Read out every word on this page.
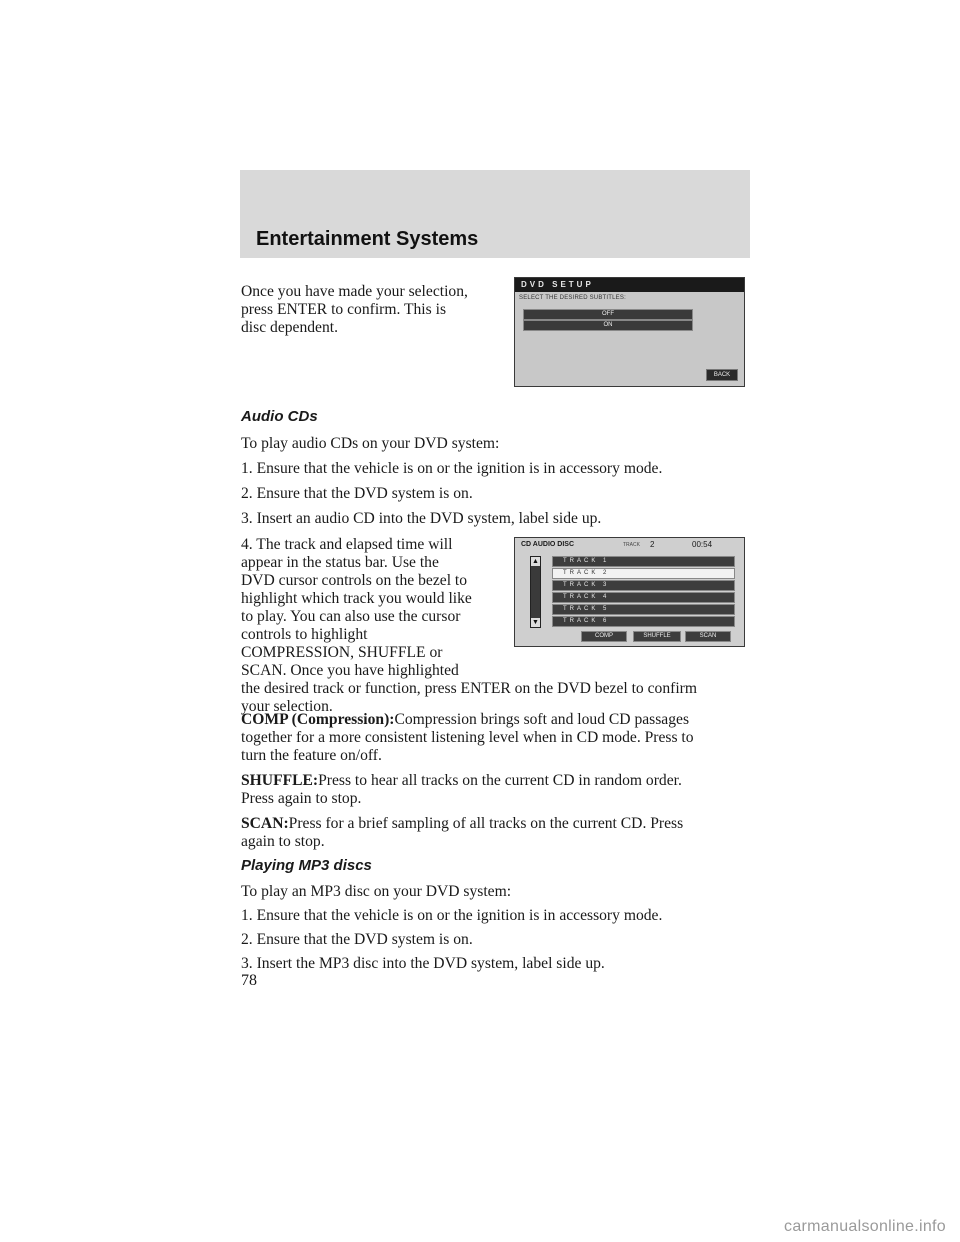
Entertainment Systems

Once you have made your selection,

press ENTER to confirm. This is

disc dependent.

DVD SETUP
SELECT THE DESIRED SUBTITLES:
OFF
ON
BACK

Audio CDs

To play audio CDs on your DVD system:

1. Ensure that the vehicle is on or the ignition is in accessory mode.

2. Ensure that the DVD system is on.

3. Insert an audio CD into the DVD system, label side up.

4. The track and elapsed time will

appear in the status bar. Use the

DVD cursor controls on the bezel to

highlight which track you would like

to play. You can also use the cursor

controls to highlight

COMPRESSION, SHUFFLE or

SCAN. Once you have highlighted

the desired track or function, press ENTER on the DVD bezel to confirm

your selection.

CD AUDIO DISC	TRACK 2	00:54
▲
▼
TRACK 1
TRACK 2
TRACK 3
TRACK 4
TRACK 5
TRACK 6
COMP	SHUFFLE	SCAN

COMP (Compression):Compression brings soft and loud CD passages

together for a more consistent listening level when in CD mode. Press to

turn the feature on/off.

SHUFFLE:Press to hear all tracks on the current CD in random order.

Press again to stop.

SCAN:Press for a brief sampling of all tracks on the current CD. Press

again to stop.

Playing MP3 discs

To play an MP3 disc on your DVD system:

1. Ensure that the vehicle is on or the ignition is in accessory mode.

2. Ensure that the DVD system is on.

3. Insert the MP3 disc into the DVD system, label side up.

78
carmanualsonline.info
